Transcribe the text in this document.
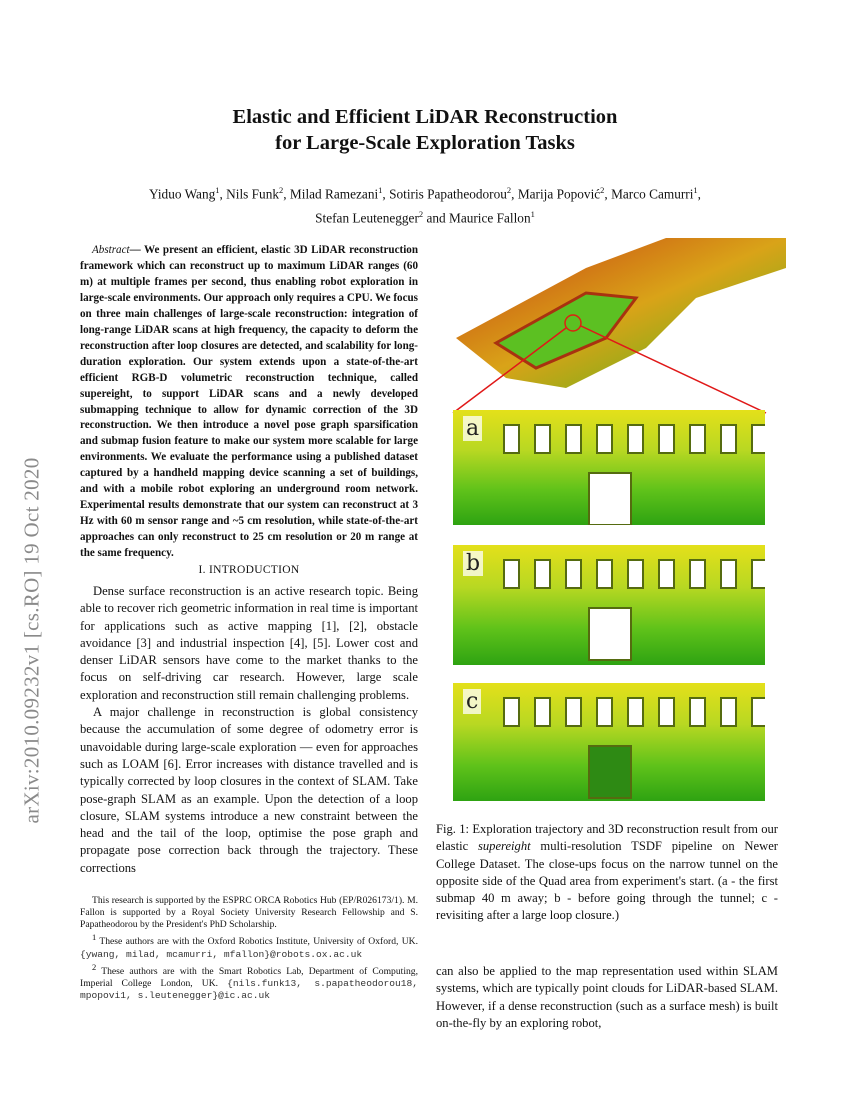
arXiv:2010.09232v1 [cs.RO] 19 Oct 2020
Elastic and Efficient LiDAR Reconstruction
for Large-Scale Exploration Tasks
Yiduo Wang$^1$, Nils Funk$^2$, Milad Ramezani$^1$, Sotiris Papatheodorou$^2$, Marija Popović$^2$, Marco Camurri$^1$,
Stefan Leutenegger$^2$ and Maurice Fallon$^1$
Abstract— We present an efficient, elastic 3D LiDAR reconstruction framework which can reconstruct up to maximum LiDAR ranges (60 m) at multiple frames per second, thus enabling robot exploration in large-scale environments. Our approach only requires a CPU. We focus on three main challenges of large-scale reconstruction: integration of long-range LiDAR scans at high frequency, the capacity to deform the reconstruction after loop closures are detected, and scalability for long-duration exploration. Our system extends upon a state-of-the-art efficient RGB-D volumetric reconstruction technique, called supereight, to support LiDAR scans and a newly developed submapping technique to allow for dynamic correction of the 3D reconstruction. We then introduce a novel pose graph sparsification and submap fusion feature to make our system more scalable for large environments. We evaluate the performance using a published dataset captured by a handheld mapping device scanning a set of buildings, and with a mobile robot exploring an underground room network. Experimental results demonstrate that our system can reconstruct at 3 Hz with 60 m sensor range and ~5 cm resolution, while state-of-the-art approaches can only reconstruct to 25 cm resolution or 20 m range at the same frequency.
I. INTRODUCTION

Dense surface reconstruction is an active research topic. Being able to recover rich geometric information in real time is important for applications such as active mapping [1], [2], obstacle avoidance [3] and industrial inspection [4], [5]. Lower cost and denser LiDAR sensors have come to the market thanks to the focus on self-driving car research. However, large scale exploration and reconstruction still remain challenging problems.

A major challenge in reconstruction is global consistency because the accumulation of some degree of odometry error is unavoidable during large-scale exploration — even for approaches such as LOAM [6]. Error increases with distance travelled and is typically corrected by loop closures in the context of SLAM. Take pose-graph SLAM as an example. Upon the detection of a loop closure, SLAM systems introduce a new constraint between the head and the tail of the loop, optimise the pose graph and propagate pose correction back through the trajectory. These corrections

This research is supported by the ESPRC ORCA Robotics Hub (EP/R026173/1). M. Fallon is supported by a Royal Society University Research Fellowship and S. Papatheodorou by the President's PhD Scholarship.

$^1$ These authors are with the Oxford Robotics Institute, University of Oxford, UK. {ywang, milad, mcamurri, mfallon}@robots.ox.ac.uk

$^2$ These authors are with the Smart Robotics Lab, Department of Computing, Imperial College London, UK. {nils.funk13, s.papatheodorou18, mpopovi1, s.leutenegger}@ic.ac.uk

a
b
c
Fig. 1: Exploration trajectory and 3D reconstruction result from our elastic supereight multi-resolution TSDF pipeline on Newer College Dataset. The close-ups focus on the narrow tunnel on the opposite side of the Quad area from experiment's start. (a - the first submap 40 m away; b - before going through the tunnel; c - revisiting after a large loop closure.)
can also be applied to the map representation used within SLAM systems, which are typically point clouds for LiDAR-based SLAM. However, if a dense reconstruction (such as a surface mesh) is built on-the-fly by an exploring robot,
